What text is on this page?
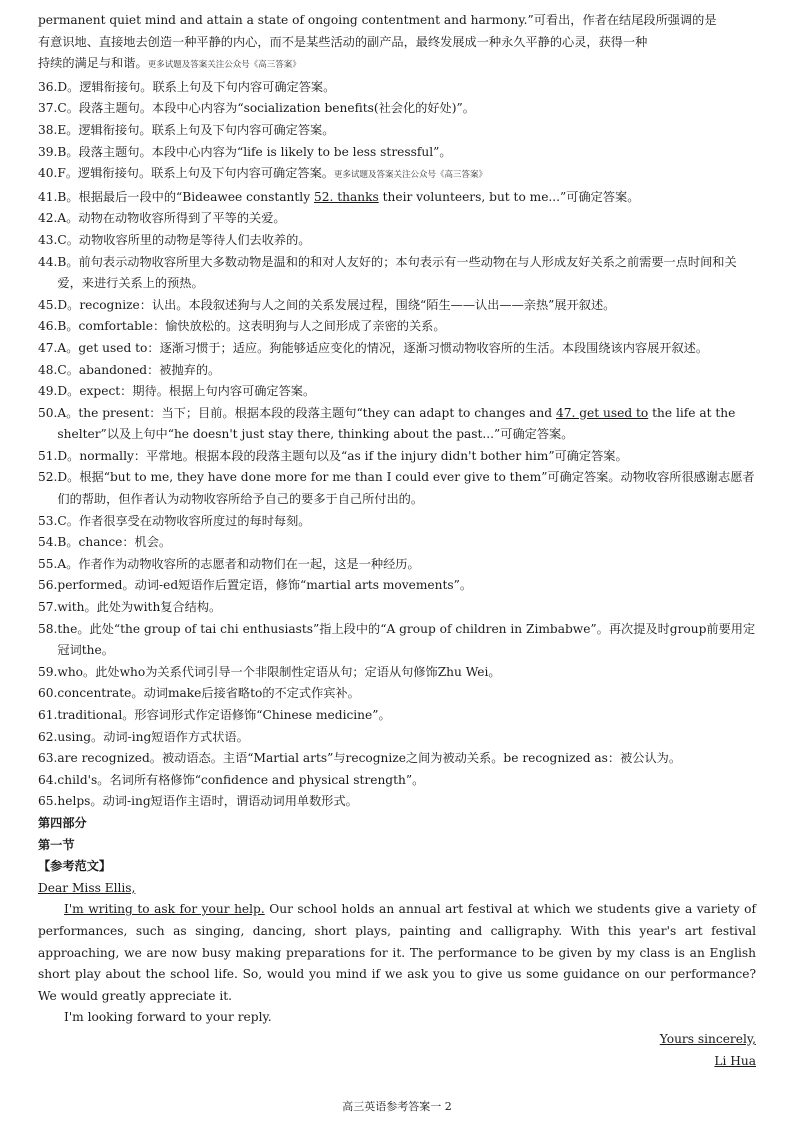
permanent quiet mind and attain a state of ongoing contentment and harmony.”可看出，作者在结尾段所强调的是

有意识地、直接地去创造一种平静的内心，而不是某些活动的副产品，最终发展成一种永久平静的心灵，获得一种

持续的满足与和谐。更多试题及答案关注公众号《高三答案》

36. D。逻辑衔接句。联系上句及下句内容可确定答案。

37. C。段落主题句。本段中心内容为“socialization benefits(社会化的好处)”。

38. E。逻辑衔接句。联系上句及下句内容可确定答案。

39. B。段落主题句。本段中心内容为“life is likely to be less stressful”。

40. F。逻辑衔接句。联系上句及下句内容可确定答案。更多试题及答案关注公众号《高三答案》

41. B。根据最后一段中的“Bideawee constantly 52. thanks their volunteers, but to me...”可确定答案。

42. A。动物在动物收容所得到了平等的关爱。

43. C。动物收容所里的动物是等待人们去收养的。

44. B。前句表示动物收容所里大多数动物是温和的和对人友好的；本句表示有一些动物在与人形成友好关系之前需要一点时间和关爱，来进行关系上的预热。

45. D。recognize：认出。本段叙述狗与人之间的关系发展过程，围绕“陌生——认出——亲热”展开叙述。

46. B。comfortable：愉快放松的。这表明狗与人之间形成了亲密的关系。

47. A。get used to：逐渐习惯于；适应。狗能够适应变化的情况，逐渐习惯动物收容所的生活。本段围绕该内容展开叙述。

48. C。abandoned：被抛弃的。

49. D。expect：期待。根据上句内容可确定答案。

50. A。the present：当下；目前。根据本段的段落主题句“they can adapt to changes and 47. get used to the life at the shelter”以及上句中“he doesn't just stay there, thinking about the past...”可确定答案。

51. D。normally：平常地。根据本段的段落主题句以及“as if the injury didn't bother him”可确定答案。

52. D。根据“but to me, they have done more for me than I could ever give to them”可确定答案。动物收容所很感谢志愿者们的帮助，但作者认为动物收容所给予自己的要多于自己所付出的。

53. C。作者很享受在动物收容所度过的每时每刻。

54. B。chance：机会。

55. A。作者作为动物收容所的志愿者和动物们在一起，这是一种经历。

56. performed。动词-ed短语作后置定语，修饰“martial arts movements”。

57. with。此处为with复合结构。

58. the。此处“the group of tai chi enthusiasts”指上段中的“A group of children in Zimbabwe”。再次提及时group前要用定冠词the。

59. who。此处who为关系代词引导一个非限制性定语从句；定语从句修饰Zhu Wei。

60. concentrate。动词make后接省略to的不定式作宾补。

61. traditional。形容词形式作定语修饰“Chinese medicine”。

62. using。动词-ing短语作方式状语。

63. are recognized。被动语态。主语“Martial arts”与recognize之间为被动关系。be recognized as：被公认为。

64. child's。名词所有格修饰“confidence and physical strength”。

65. helps。动词-ing短语作主语时，谓语动词用单数形式。

第四部分

第一节

【参考范文】

Dear Miss Ellis,

I'm writing to ask for your help. Our school holds an annual art festival at which we students give a variety of performances, such as singing, dancing, short plays, painting and calligraphy. With this year's art festival approaching, we are now busy making preparations for it. The performance to be given by my class is an English short play about the school life. So, would you mind if we ask you to give us some guidance on our performance? We would greatly appreciate it.

I'm looking forward to your reply.

Yours sincerely,

Li Hua

高三英语参考答案一 2
